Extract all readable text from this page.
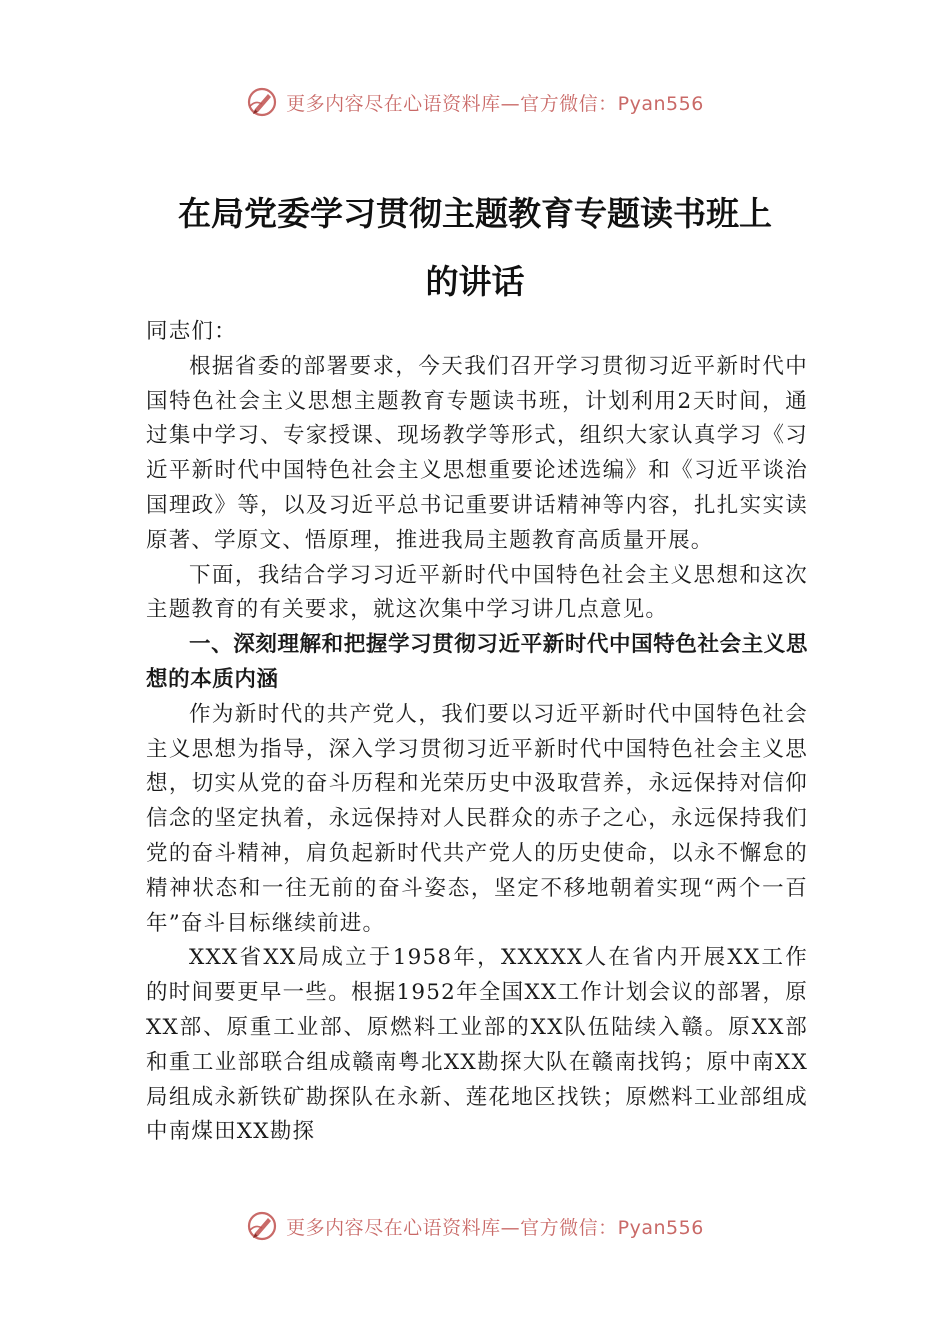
更多内容尽在心语资料库—官方微信：Pyan556
在局党委学习贯彻主题教育专题读书班上
的讲话

同志们：

根据省委的部署要求，今天我们召开学习贯彻习近平新时代中国特色社会主义思想主题教育专题读书班，计划利用2天时间，通过集中学习、专家授课、现场教学等形式，组织大家认真学习《习近平新时代中国特色社会主义思想重要论述选编》和《习近平谈治国理政》等，以及习近平总书记重要讲话精神等内容，扎扎实实读原著、学原文、悟原理，推进我局主题教育高质量开展。

下面，我结合学习习近平新时代中国特色社会主义思想和这次主题教育的有关要求，就这次集中学习讲几点意见。

一、深刻理解和把握学习贯彻习近平新时代中国特色社会主义思想的本质内涵

作为新时代的共产党人，我们要以习近平新时代中国特色社会主义思想为指导，深入学习贯彻习近平新时代中国特色社会主义思想，切实从党的奋斗历程和光荣历史中汲取营养，永远保持对信仰信念的坚定执着，永远保持对人民群众的赤子之心，永远保持我们党的奋斗精神，肩负起新时代共产党人的历史使命，以永不懈怠的精神状态和一往无前的奋斗姿态，坚定不移地朝着实现“两个一百年”奋斗目标继续前进。

XXX省XX局成立于1958年，XXXXX人在省内开展XX工作的时间要更早一些。根据1952年全国XX工作计划会议的部署，原XX部、原重工业部、原燃料工业部的XX队伍陆续入赣。原XX部和重工业部联合组成赣南粤北XX勘探大队在赣南找钨；原中南XX局组成永新铁矿勘探队在永新、莲花地区找铁；原燃料工业部组成中南煤田XX勘探

更多内容尽在心语资料库—官方微信：Pyan556
